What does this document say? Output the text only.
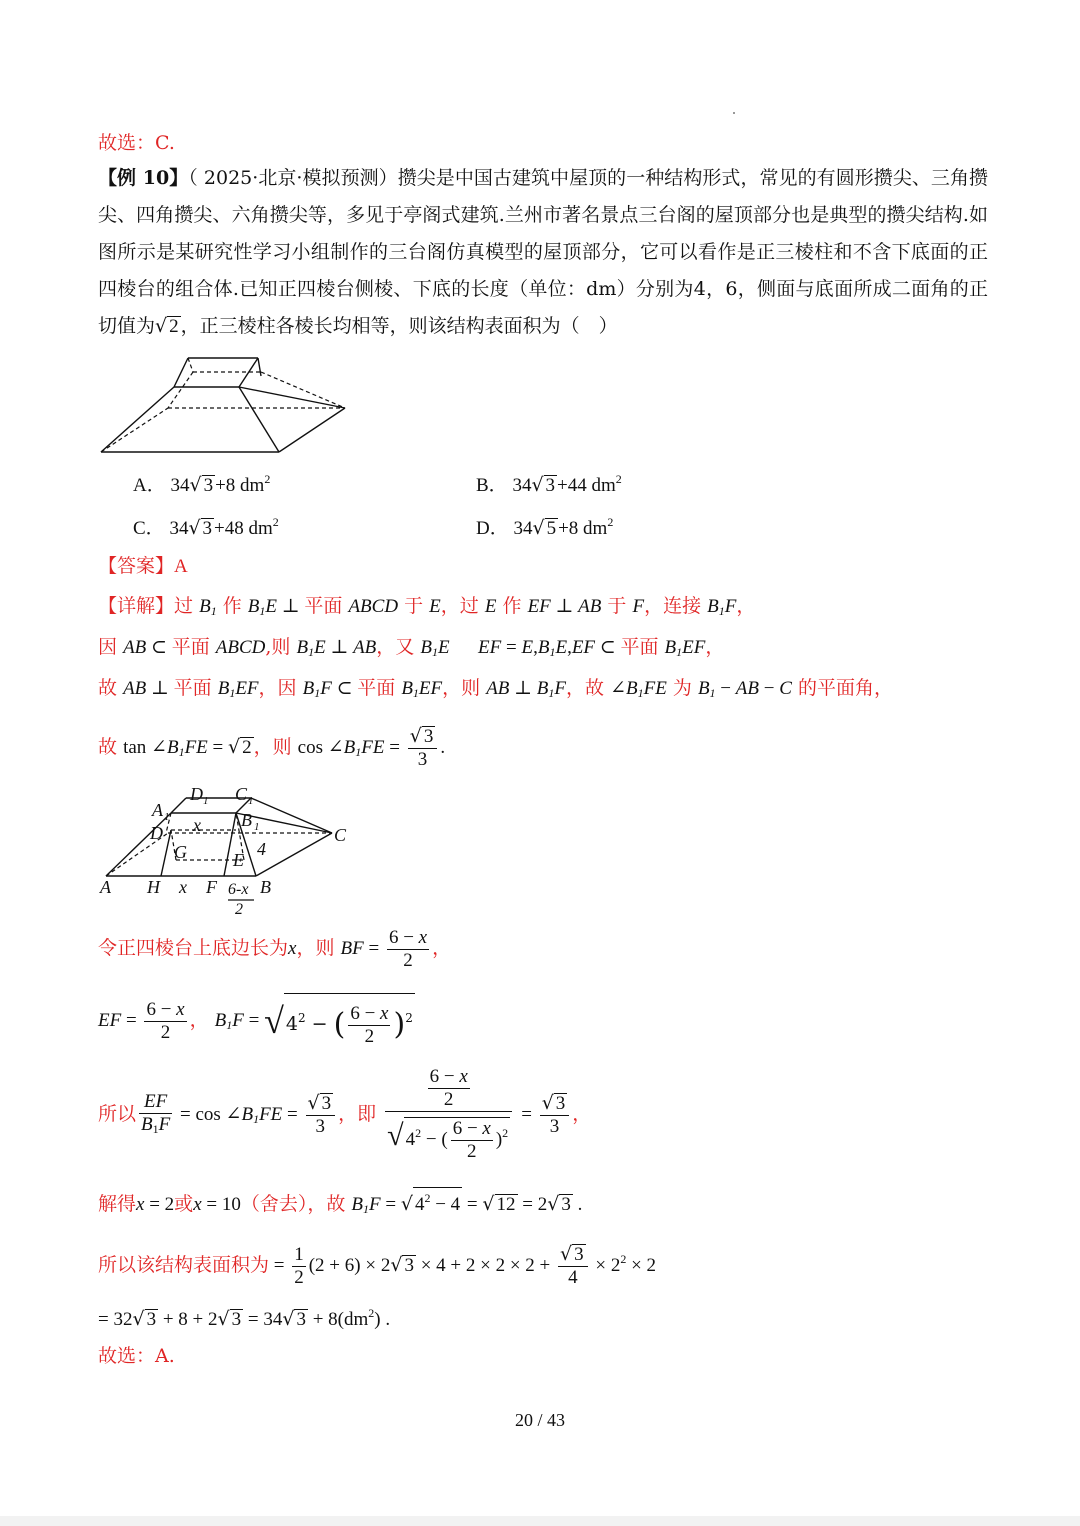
故选：C.
【例 10】（ 2025·北京·模拟预测）攒尖是中国古建筑中屋顶的一种结构形式，常见的有圆形攒尖、三角攒尖、四角攒尖、六角攒尖等，多见于亭阁式建筑.兰州市著名景点三台阁的屋顶部分也是典型的攒尖结构.如图所示是某研究性学习小组制作的三台阁仿真模型的屋顶部分，它可以看作是正三棱柱和不含下底面的正四棱台的组合体.已知正四棱台侧棱、下底的长度（单位：dm）分别为4，6，侧面与底面所成二面角的正切值为√ 2 ，正三棱柱各棱长均相等，则该结构表面积为（　）
A． 34√ 3 +8 $dm^2$	B． 34√ 3 +44 $dm^2$
C． 34√ 3 +48 $dm^2$	D． 34√ 5 +8 $dm^2$
【答案】A
【详解】过 $B_1$ 作 $B_1E$ ⊥ 平面 ABCD 于 E，过 E 作 EF ⊥ AB 于 F，连接 $B_1F$，
因 AB ⊂ 平面 ABCD,则 $B_1E$ ⊥ AB，又 $B_1E$   EF = $E,B_1E,EF$ ⊂ 平面 $B_1EF$，
故 AB ⊥ 平面 $B_1EF$，因 $B_1F$ ⊂ 平面 $B_1EF$，则 AB ⊥ $B_1F$，故 $\angle B_1FE$ 为 $B_1$ − AB − C 的平面角，
故 $\tan \angle B_1FE$ = √ 2 ，则 $\cos \angle B_1FE = \frac{√ 3}{3}$ .
D 1 C 1
A 1	B 1
x
D	C
G	4
E
A H x F 6-x B
2
令正四棱台上底边长为x，则 BF = $\frac{6 - x}{2}$ ，
EF = $\frac{6 - x}{2}$ ， $B_1F$ = √ $4^2$ − ( $\frac{6 - x}{2} )^2$
所以 $\frac{EF}{B_1F} = \cos$ $\angle B_1FE = \frac{√ 3}{3}$ ，即 $\frac{\frac{6 - x}{2}}{√ 4^2 - ( \frac{6 - x}{2} )^2} = \frac{√ 3}{3}$ ，
解得x = 2或x = 10（舍去），故 $B_1F$ = √ $4^2 - 4$ = √ 12 = 2√ 3 .
所以该结构表面积为 = $\frac{1}{2} (2 + 6) \times 2√$ $3 \times 4 + 2 \times 2 \times 2 + \frac{√ 3}{4} \times 2^2 \times 2$
= 32√ 3 + 8 + 2√ 3 = 34√ $3 + 8(dm^2)$ .
故选：A.
20 / 43
